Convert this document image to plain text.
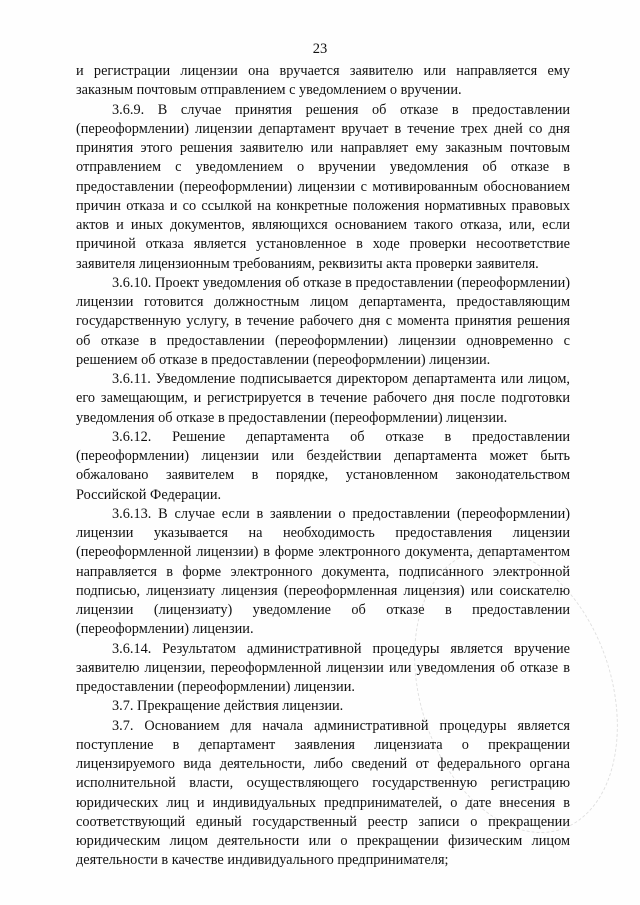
23

и регистрации лицензии она вручается заявителю или направляется ему заказным почтовым отправлением с уведомлением о вручении.

3.6.9. В случае принятия решения об отказе в предоставлении (переоформлении) лицензии департамент вручает в течение трех дней со дня принятия этого решения заявителю или направляет ему заказным почтовым отправлением с уведомлением о вручении уведомления об отказе в предоставлении (переоформлении) лицензии с мотивированным обоснованием причин отказа и со ссылкой на конкретные положения нормативных правовых актов и иных документов, являющихся основанием такого отказа, или, если причиной отказа является установленное в ходе проверки несоответствие заявителя лицензионным требованиям, реквизиты акта проверки заявителя.

3.6.10. Проект уведомления об отказе в предоставлении (переоформлении) лицензии готовится должностным лицом департамента, предоставляющим государственную услугу, в течение рабочего дня с момента принятия решения об отказе в предоставлении (переоформлении) лицензии одновременно с решением об отказе в предоставлении (переоформлении) лицензии.

3.6.11. Уведомление подписывается директором департамента или лицом, его замещающим, и регистрируется в течение рабочего дня после подготовки уведомления об отказе в предоставлении (переоформлении) лицензии.

3.6.12. Решение департамента об отказе в предоставлении (переоформлении) лицензии или бездействии департамента может быть обжаловано заявителем в порядке, установленном законодательством Российской Федерации.

3.6.13. В случае если в заявлении о предоставлении (переоформлении) лицензии указывается на необходимость предоставления лицензии (переоформленной лицензии) в форме электронного документа, департаментом направляется в форме электронного документа, подписанного электронной подписью, лицензиату лицензия (переоформленная лицензия) или соискателю лицензии (лицензиату) уведомление об отказе в предоставлении (переоформлении) лицензии.

3.6.14. Результатом административной процедуры является вручение заявителю лицензии, переоформленной лицензии или уведомления об отказе в предоставлении (переоформлении) лицензии.

3.7. Прекращение действия лицензии.

3.7. Основанием для начала административной процедуры является поступление в департамент заявления лицензиата о прекращении лицензируемого вида деятельности, либо сведений от федерального органа исполнительной власти, осуществляющего государственную регистрацию юридических лиц и индивидуальных предпринимателей, о дате внесения в соответствующий единый государственный реестр записи о прекращении юридическим лицом деятельности или о прекращении физическим лицом деятельности в качестве индивидуального предпринимателя;
